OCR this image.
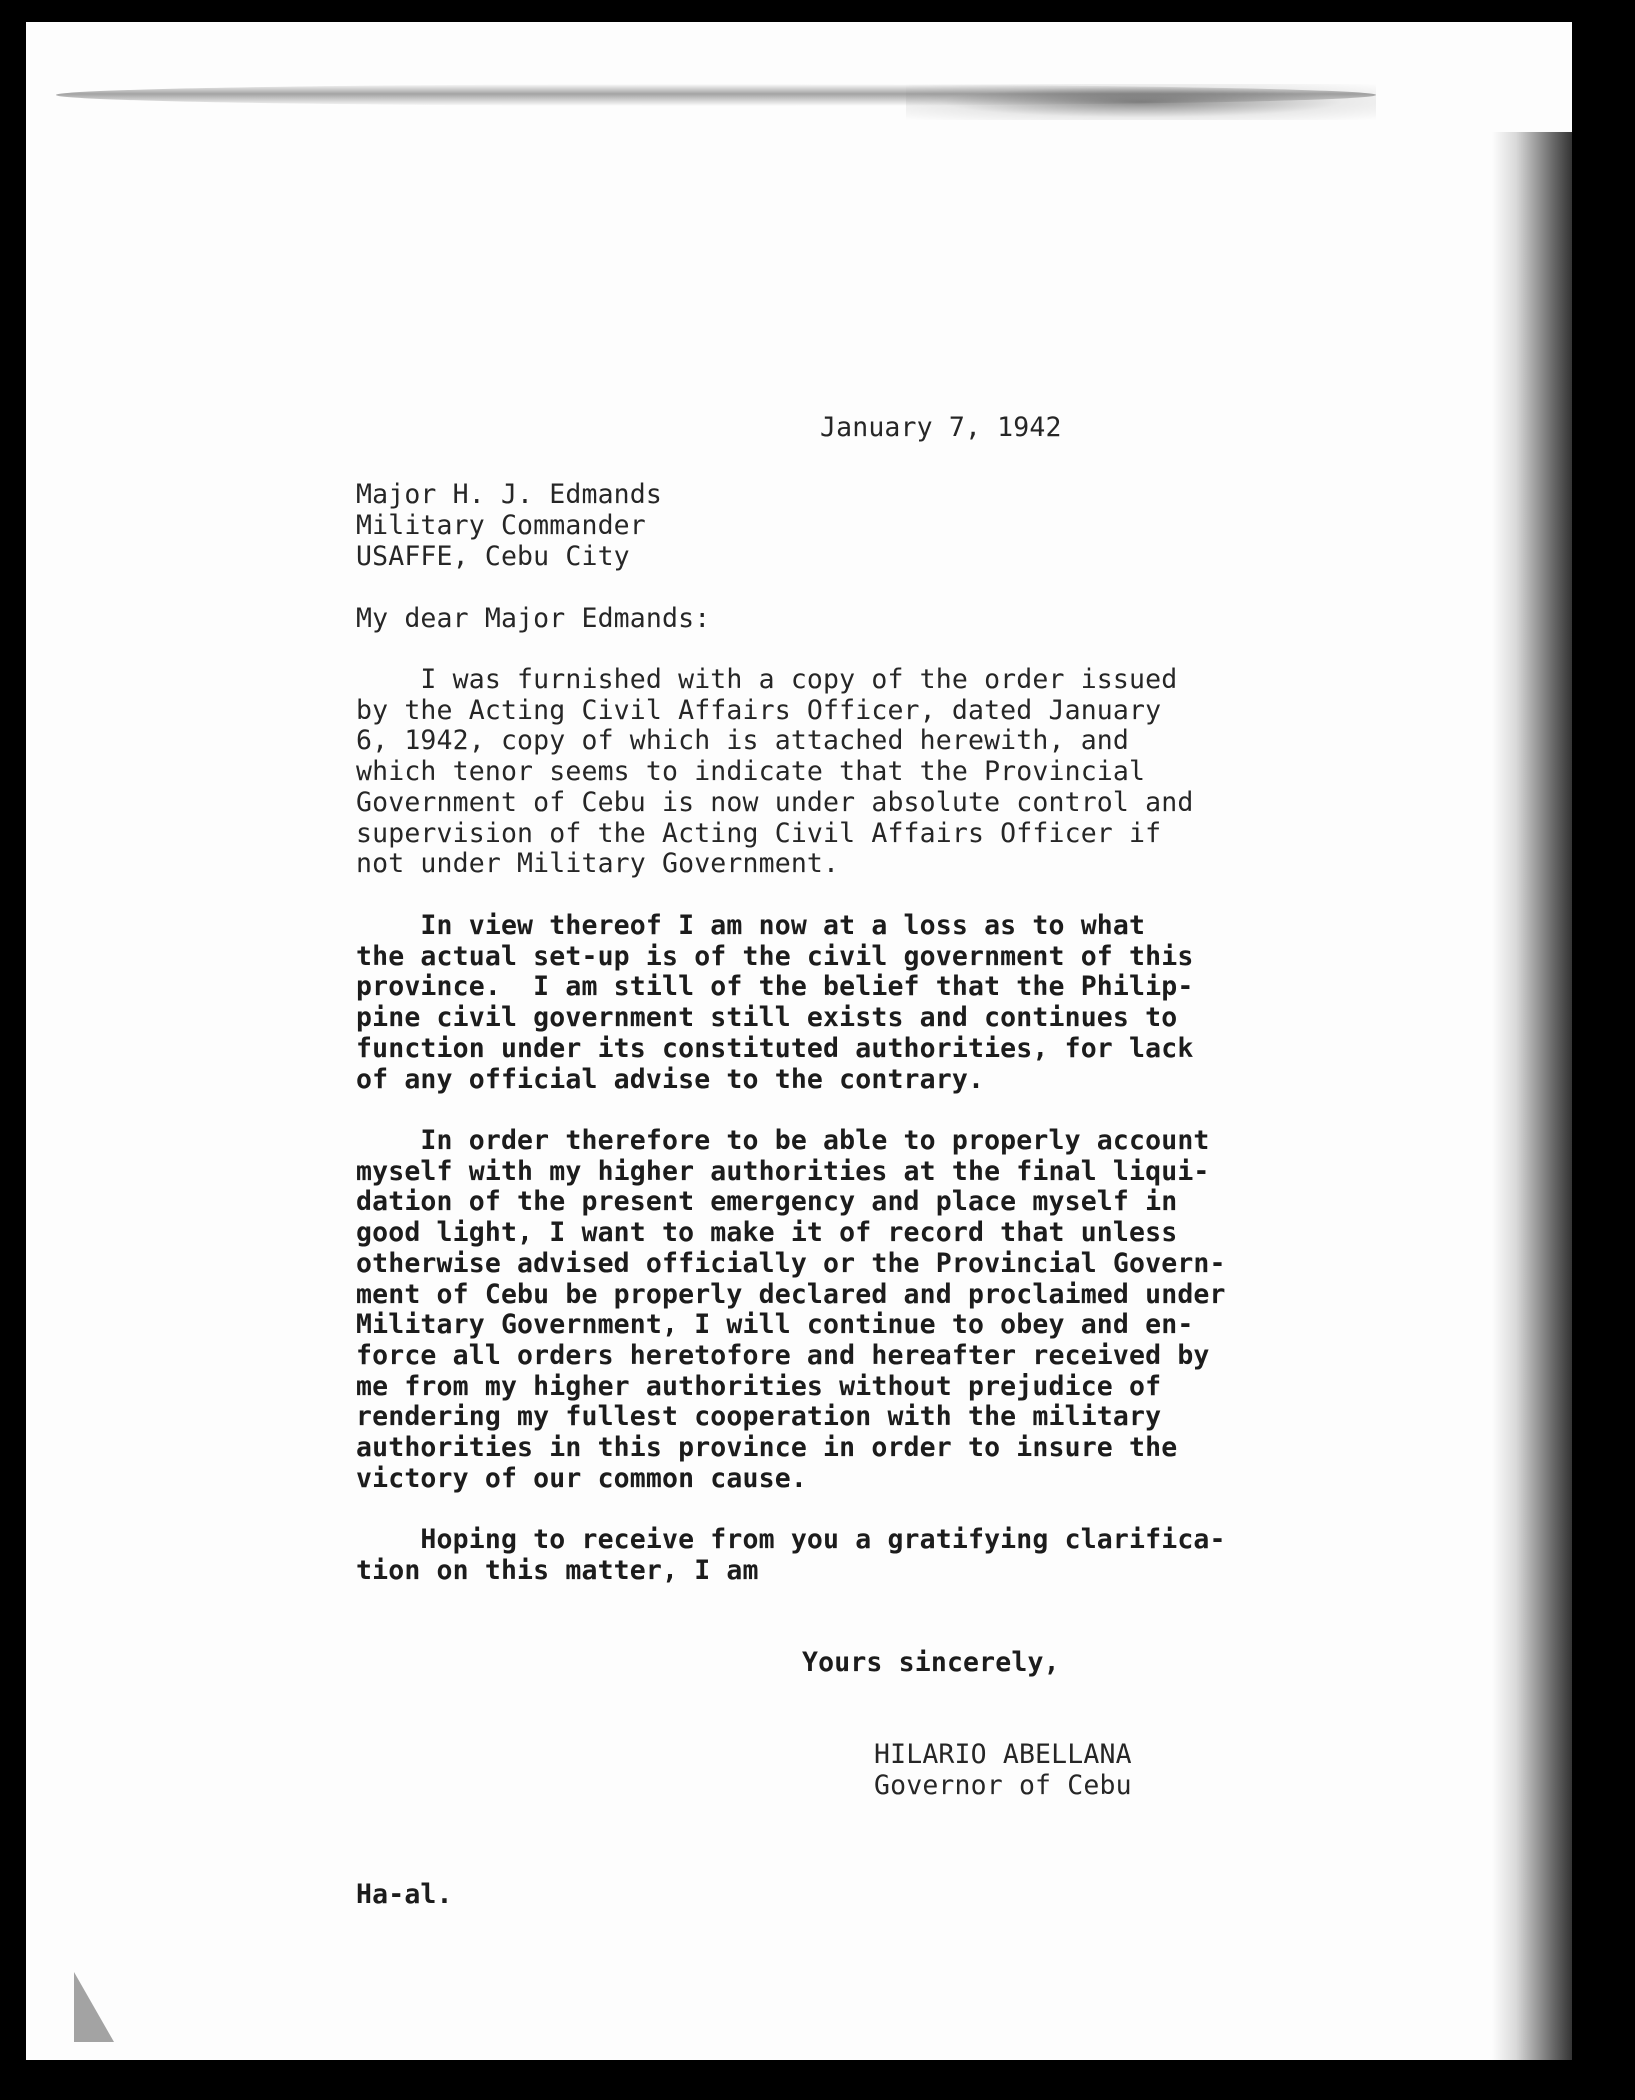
January 7, 1942

Major H. J. Edmands

Military Commander

USAFFE, Cebu City

My dear Major Edmands:

I was furnished with a copy of the order issued
by the Acting Civil Affairs Officer, dated January
6, 1942, copy of which is attached herewith, and
which tenor seems to indicate that the Provincial
Government of Cebu is now under absolute control and
supervision of the Acting Civil Affairs Officer if
not under Military Government.

In view thereof I am now at a loss as to what
the actual set-up is of the civil government of this
province.  I am still of the belief that the Philip-
pine civil government still exists and continues to
function under its constituted authorities, for lack
of any official advise to the contrary.

In order therefore to be able to properly account
myself with my higher authorities at the final liqui-
dation of the present emergency and place myself in
good light, I want to make it of record that unless
otherwise advised officially or the Provincial Govern-
ment of Cebu be properly declared and proclaimed under
Military Government, I will continue to obey and en-
force all orders heretofore and hereafter received by
me from my higher authorities without prejudice of
rendering my fullest cooperation with the military
authorities in this province in order to insure the
victory of our common cause.

Hoping to receive from you a gratifying clarifica-
tion on this matter, I am

Yours sincerely,

HILARIO ABELLANA

Governor of Cebu

Ha-al.
